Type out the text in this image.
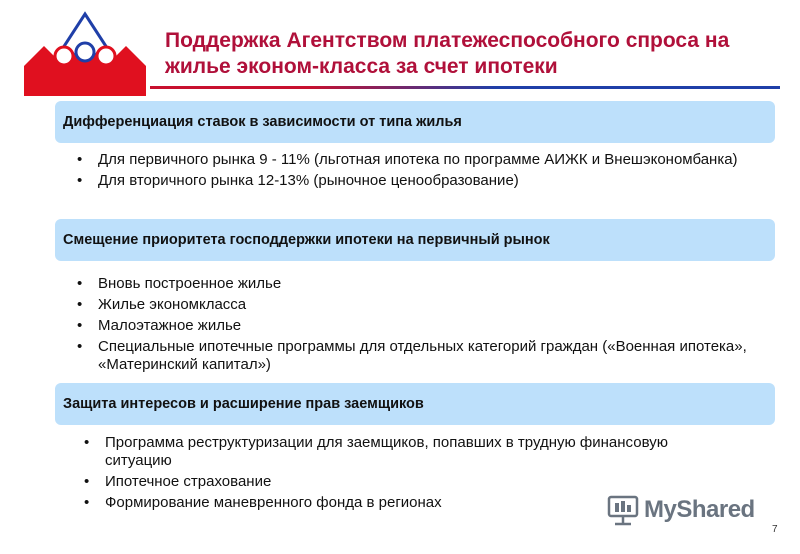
Поддержка Агентством платежеспособного спроса на жилье эконом-класса за счет ипотеки
Дифференциация ставок в зависимости от типа жилья
• Для первичного рынка 9 - 11% (льготная ипотека по программе АИЖК и Внешэкономбанка)
• Для вторичного рынка 12-13% (рыночное ценообразование)
Смещение приоритета господдержки ипотеки на первичный рынок
• Вновь построенное жилье
• Жилье экономкласса
• Малоэтажное жилье
• Специальные ипотечные программы для отдельных категорий граждан («Военная ипотека», «Материнский капитал»)
Защита интересов и расширение прав заемщиков
• Программа реструктуризации для заемщиков, попавших в трудную финансовую ситуацию
• Ипотечное страхование
• Формирование маневренного фонда в регионах	MyShared
7
